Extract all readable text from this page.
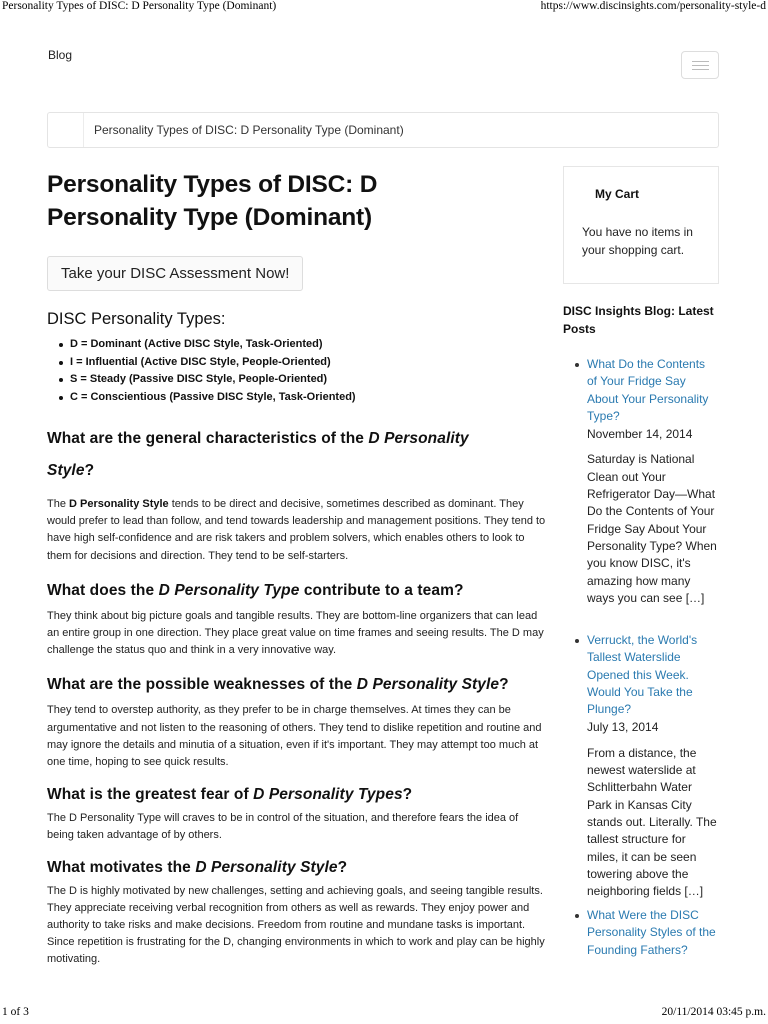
Personality Types of DISC: D Personality Type (Dominant)	https://www.discinsights.com/personality-style-d
Blog
Personality Types of DISC: D Personality Type (Dominant)
Personality Types of DISC: D Personality Type (Dominant)
Take your DISC Assessment Now!
DISC Personality Types:
D = Dominant (Active DISC Style, Task-Oriented)
I = Influential (Active DISC Style, People-Oriented)
S = Steady (Passive DISC Style, People-Oriented)
C = Conscientious (Passive DISC Style, Task-Oriented)
What are the general characteristics of the D Personality Style?

The D Personality Style tends to be direct and decisive, sometimes described as dominant. They would prefer to lead than follow, and tend towards leadership and management positions. They tend to have high self-confidence and are risk takers and problem solvers, which enables others to look to them for decisions and direction. They tend to be self-starters.

What does the D Personality Type contribute to a team?

They think about big picture goals and tangible results. They are bottom-line organizers that can lead an entire group in one direction. They place great value on time frames and seeing results. The D may challenge the status quo and think in a very innovative way.

What are the possible weaknesses of the D Personality Style?

They tend to overstep authority, as they prefer to be in charge themselves. At times they can be argumentative and not listen to the reasoning of others. They tend to dislike repetition and routine and may ignore the details and minutia of a situation, even if it's important. They may attempt too much at one time, hoping to see quick results.

What is the greatest fear of D Personality Types?

The D Personality Type will craves to be in control of the situation, and therefore fears the idea of being taken advantage of by others.

What motivates the D Personality Style?

The D is highly motivated by new challenges, setting and achieving goals, and seeing tangible results. They appreciate receiving verbal recognition from others as well as rewards. They enjoy power and authority to take risks and make decisions. Freedom from routine and mundane tasks is important. Since repetition is frustrating for the D, changing environments in which to work and play can be highly motivating.

My Cart
You have no items in your shopping cart.
DISC Insights Blog: Latest Posts
What Do the Contents of Your Fridge Say About Your Personality Type?
November 14, 2014
Saturday is National Clean out Your Refrigerator Day—What Do the Contents of Your Fridge Say About Your Personality Type? When you know DISC, it's amazing how many ways you can see […]
Verruckt, the World's Tallest Waterslide Opened this Week. Would You Take the Plunge?
July 13, 2014
From a distance, the newest waterslide at Schlitterbahn Water Park in Kansas City stands out. Literally. The tallest structure for miles, it can be seen towering above the neighboring fields […]
What Were the DISC Personality Styles of the Founding Fathers?
1 of 3	20/11/2014 03:45 p.m.
